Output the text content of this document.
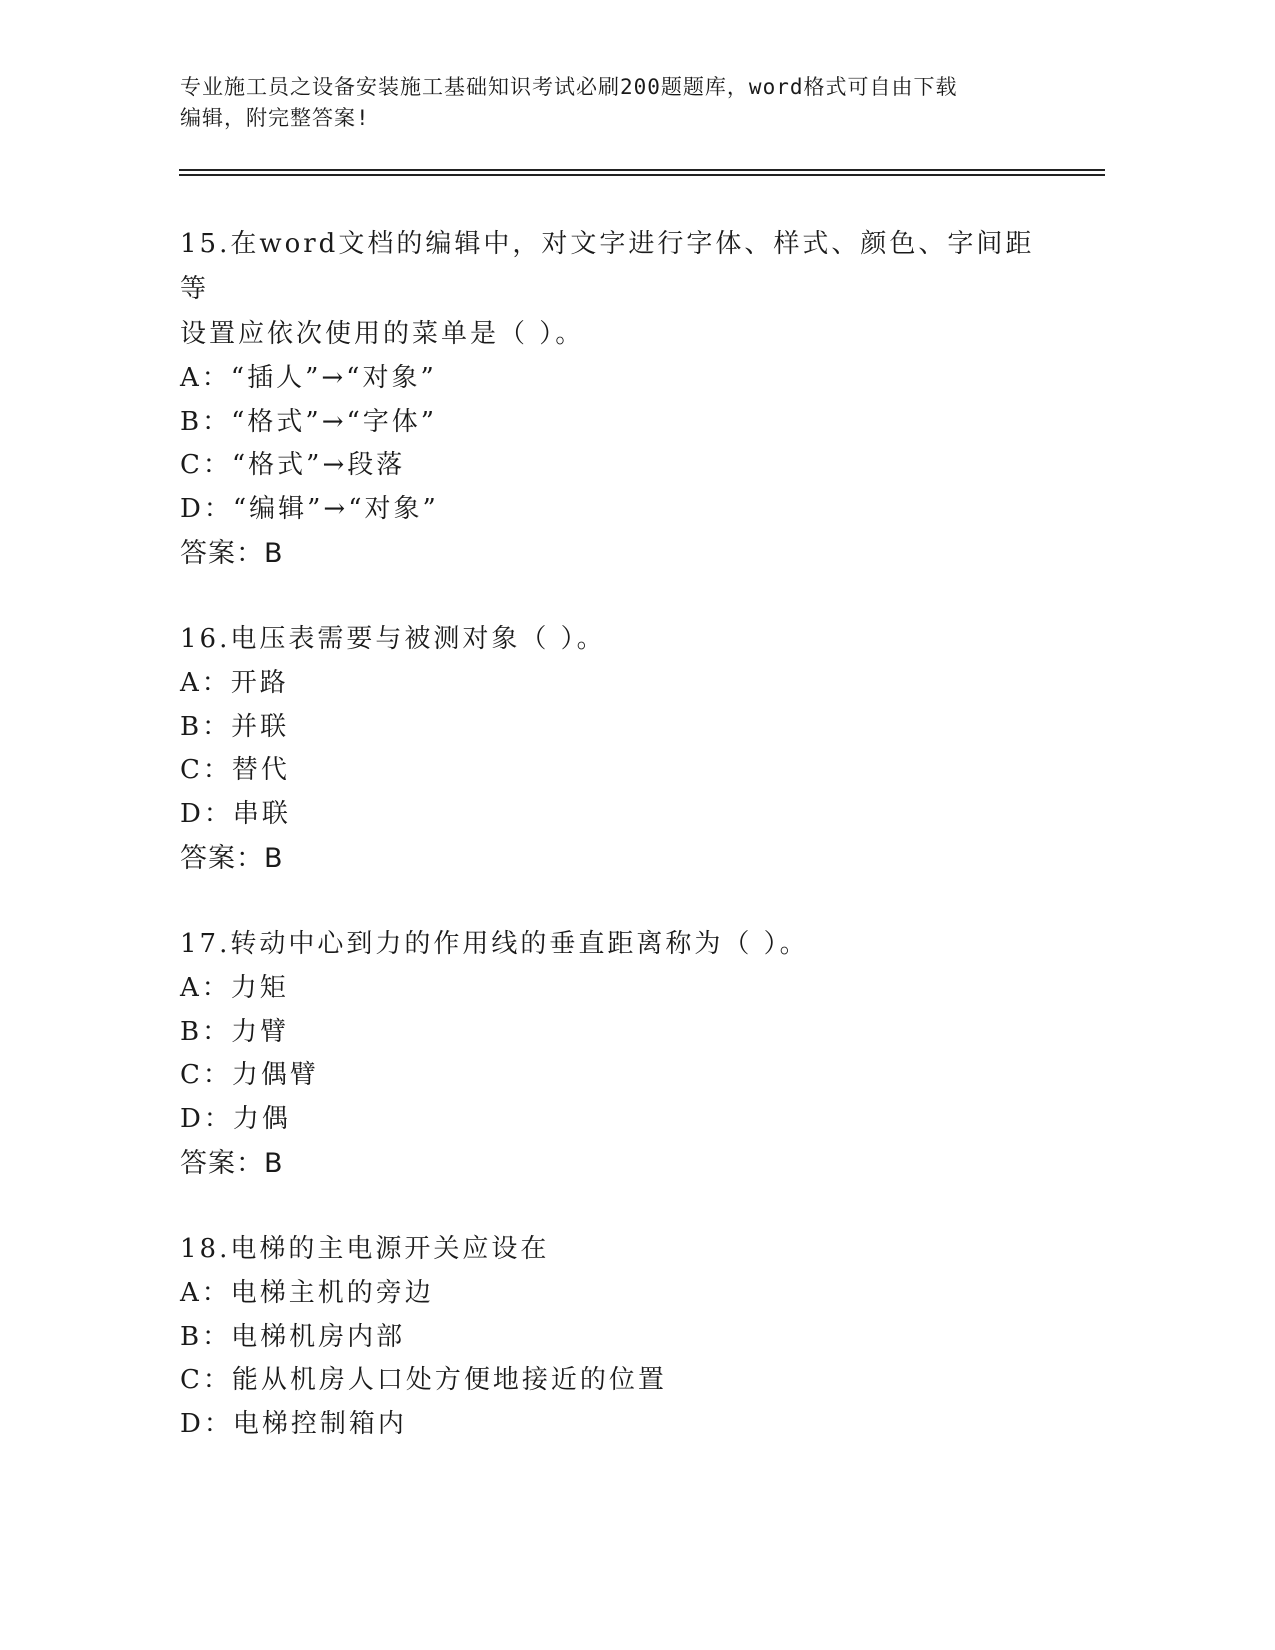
专业施工员之设备安装施工基础知识考试必刷200题题库，word格式可自由下载
编辑，附完整答案!
15.在word文档的编辑中，对文字进行字体、样式、颜色、字间距等
设置应依次使用的菜单是（ ）。
A：“插人”→“对象”
B：“格式”→“字体”
C：“格式”→段落
D：“编辑”→“对象”
答案：B
16.电压表需要与被测对象（ ）。
A：开路
B：并联
C：替代
D：串联
答案：B
17.转动中心到力的作用线的垂直距离称为（ ）。
A：力矩
B：力臂
C：力偶臂
D：力偶
答案：B
18.电梯的主电源开关应设在
A：电梯主机的旁边
B：电梯机房内部
C：能从机房人口处方便地接近的位置
D：电梯控制箱内
